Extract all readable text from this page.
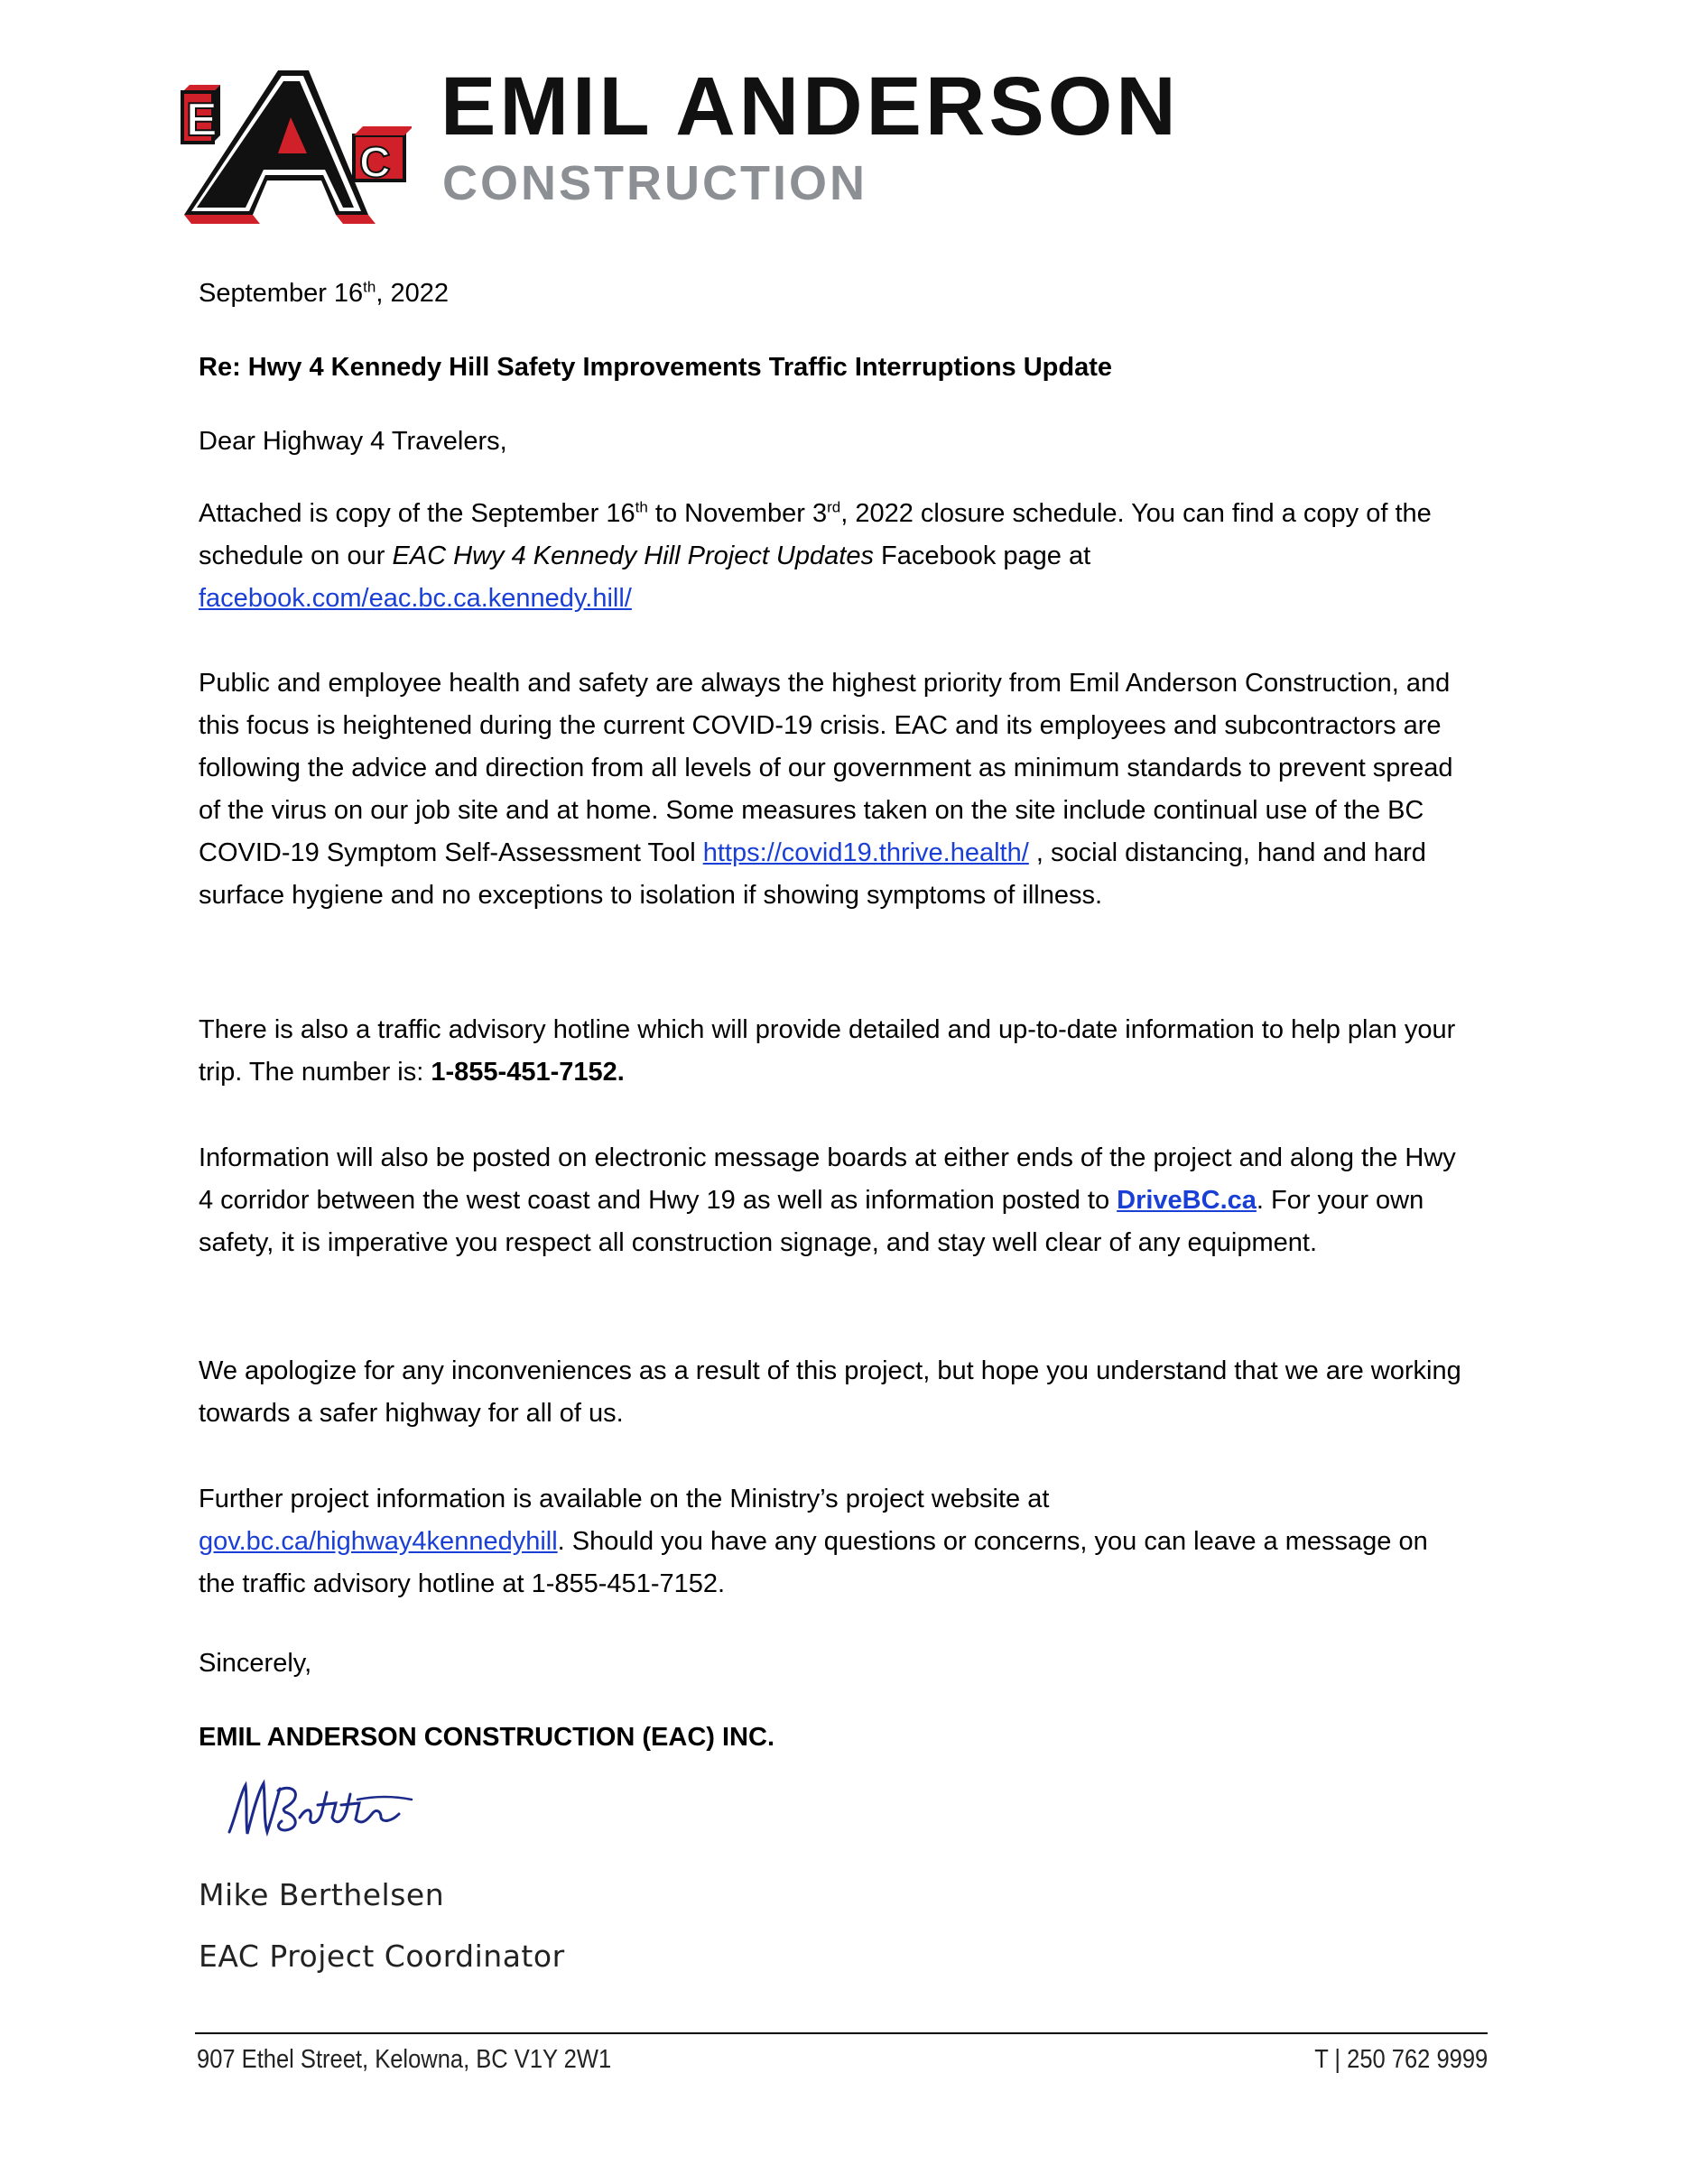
E
C
EMIL ANDERSON
CONSTRUCTION

September 16th, 2022

Re: Hwy 4 Kennedy Hill Safety Improvements Traffic Interruptions Update

Dear Highway 4 Travelers,

Attached is copy of the September 16th to November 3rd, 2022 closure schedule. You can find a copy of the schedule on our EAC Hwy 4 Kennedy Hill Project Updates Facebook page at
facebook.com/eac.bc.ca.kennedy.hill/

Public and employee health and safety are always the highest priority from Emil Anderson Construction, and this focus is heightened during the current COVID-19 crisis. EAC and its employees and subcontractors are following the advice and direction from all levels of our government as minimum standards to prevent spread of the virus on our job site and at home. Some measures taken on the site include continual use of the BC COVID-19 Symptom Self-Assessment Tool https://covid19.thrive.health/ , social distancing, hand and hard surface hygiene and no exceptions to isolation if showing symptoms of illness.

There is also a traffic advisory hotline which will provide detailed and up-to-date information to help plan your trip. The number is: 1-855-451-7152.

Information will also be posted on electronic message boards at either ends of the project and along the Hwy 4 corridor between the west coast and Hwy 19 as well as information posted to DriveBC.ca. For your own safety, it is imperative you respect all construction signage, and stay well clear of any equipment.

We apologize for any inconveniences as a result of this project, but hope you understand that we are working towards a safer highway for all of us.

Further project information is available on the Ministry’s project website at
gov.bc.ca/highway4kennedyhill. Should you have any questions or concerns, you can leave a message on the traffic advisory hotline at 1-855-451-7152.

Sincerely,

EMIL ANDERSON CONSTRUCTION (EAC) INC.

Mike Berthelsen
EAC Project Coordinator
907 Ethel Street, Kelowna, BC V1Y 2W1	T | 250 762 9999
